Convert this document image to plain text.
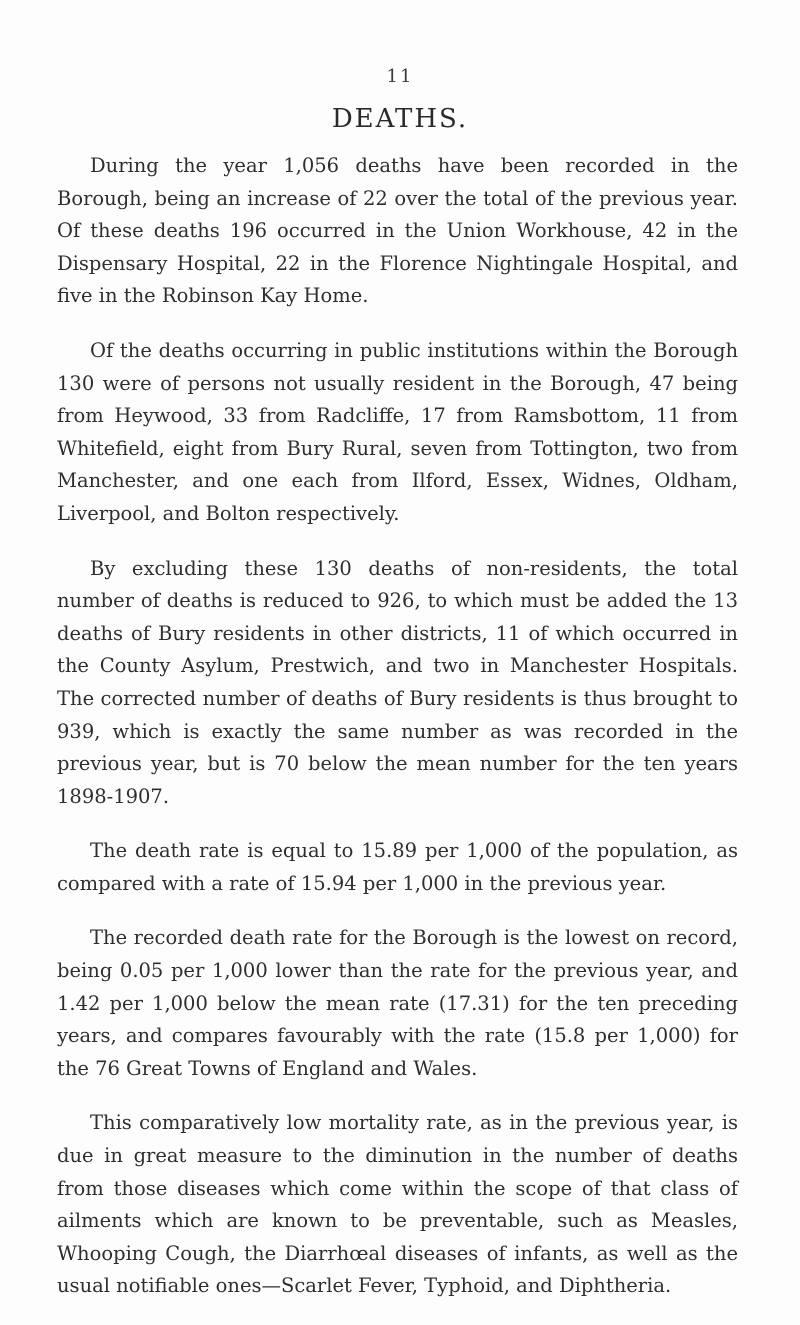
11
DEATHS.

During the year 1,056 deaths have been recorded in the Borough, being an increase of 22 over the total of the previous year. Of these deaths 196 occurred in the Union Workhouse, 42 in the Dispensary Hospital, 22 in the Florence Nightingale Hospital, and five in the Robinson Kay Home.

Of the deaths occurring in public institutions within the Borough 130 were of persons not usually resident in the Borough, 47 being from Heywood, 33 from Radcliffe, 17 from Ramsbottom, 11 from Whitefield, eight from Bury Rural, seven from Tottington, two from Manchester, and one each from Ilford, Essex, Widnes, Oldham, Liverpool, and Bolton respectively.

By excluding these 130 deaths of non-residents, the total number of deaths is reduced to 926, to which must be added the 13 deaths of Bury residents in other districts, 11 of which occurred in the County Asylum, Prestwich, and two in Manchester Hospitals. The corrected number of deaths of Bury residents is thus brought to 939, which is exactly the same number as was recorded in the previous year, but is 70 below the mean number for the ten years 1898-1907.

The death rate is equal to 15.89 per 1,000 of the population, as compared with a rate of 15.94 per 1,000 in the previous year.

The recorded death rate for the Borough is the lowest on record, being 0.05 per 1,000 lower than the rate for the previous year, and 1.42 per 1,000 below the mean rate (17.31) for the ten preceding years, and compares favourably with the rate (15.8 per 1,000) for the 76 Great Towns of England and Wales.

This comparatively low mortality rate, as in the previous year, is due in great measure to the diminution in the number of deaths from those diseases which come within the scope of that class of ailments which are known to be preventable, such as Measles, Whooping Cough, the Diarrhœal diseases of infants, as well as the usual notifiable ones—Scarlet Fever, Typhoid, and Diphtheria.
